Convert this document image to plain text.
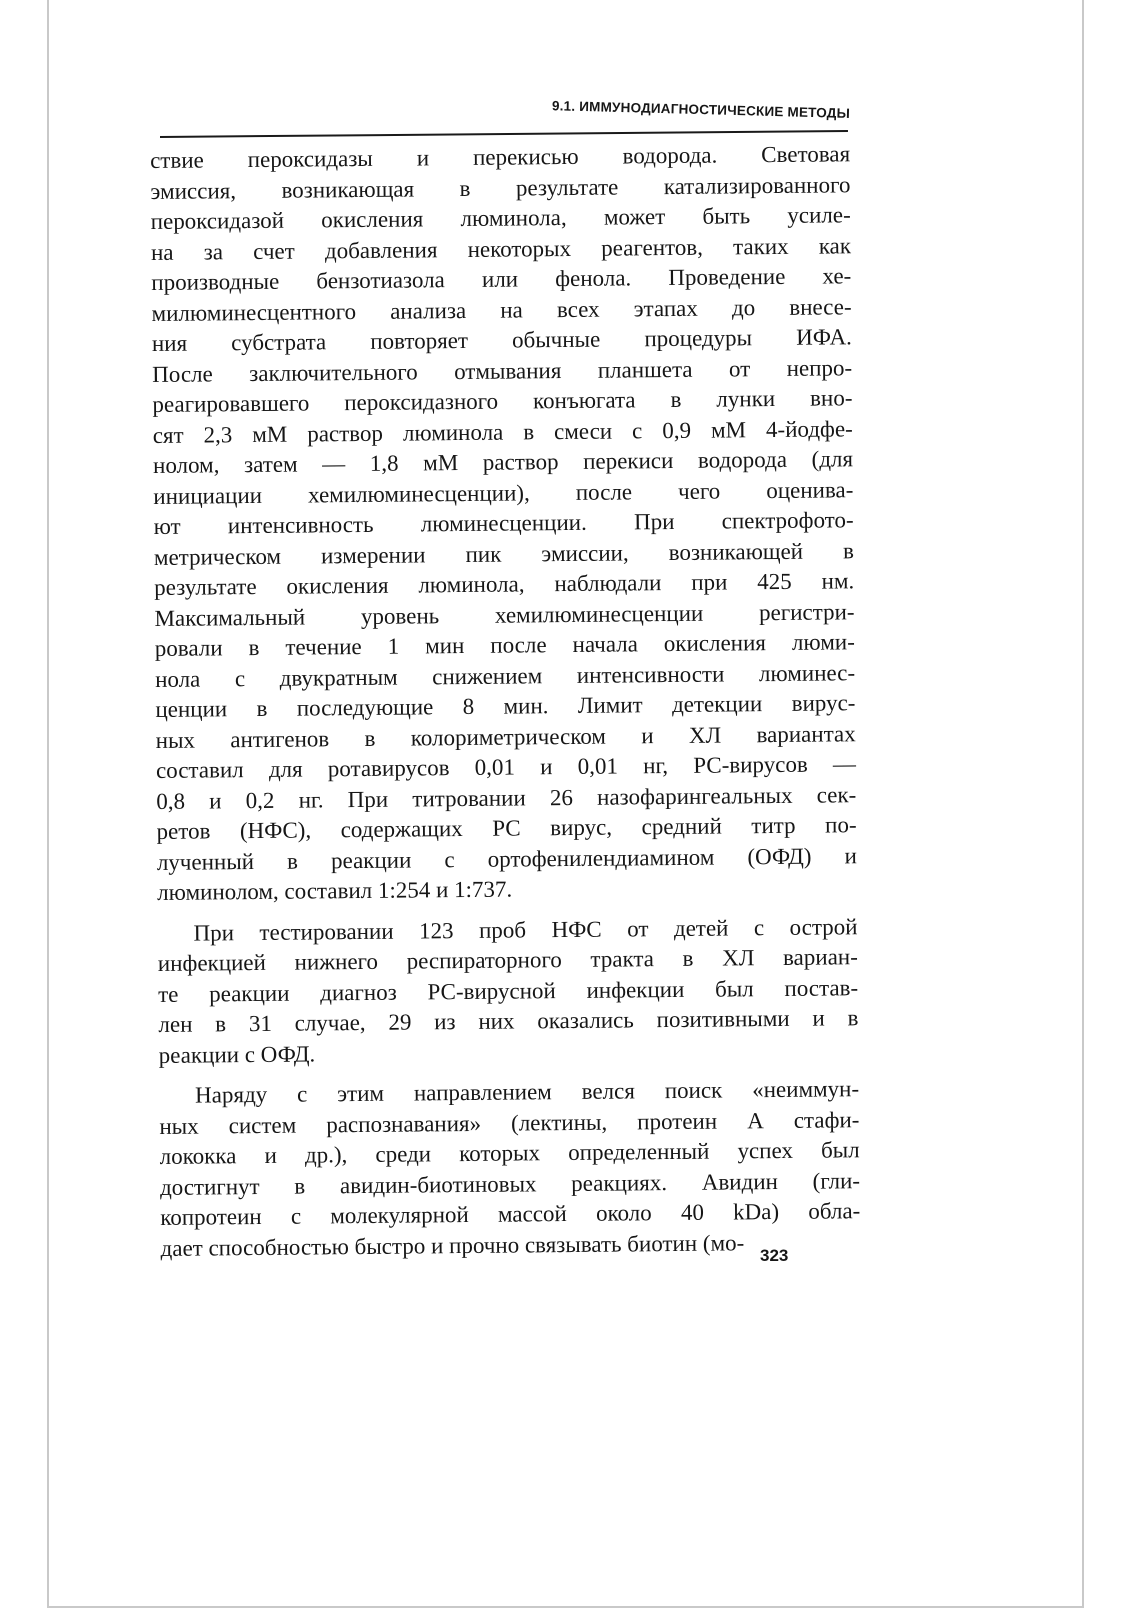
9.1. ИММУНОДИАГНОСТИЧЕСКИЕ МЕТОДЫ

ствие пероксидазы и перекисью водорода. Световая
эмиссия, возникающая в результате катализированного
пероксидазой окисления люминола, может быть усиле-
на за счет добавления некоторых реагентов, таких как
производные бензотиазола или фенола. Проведение хе-
милюминесцентного анализа на всех этапах до внесе-
ния субстрата повторяет обычные процедуры ИФА.
После заключительного отмывания планшета от непро-
реагировавшего пероксидазного конъюгата в лунки вно-
сят 2,3 мМ раствор люминола в смеси с 0,9 мМ 4-йодфе-
нолом, затем — 1,8 мМ раствор перекиси водорода (для
инициации хемилюминесценции), после чего оценива-
ют интенсивность люминесценции. При спектрофото-
метрическом измерении пик эмиссии, возникающей в
результате окисления люминола, наблюдали при 425 нм.
Максимальный уровень хемилюминесценции регистри-
ровали в течение 1 мин после начала окисления люми-
нола с двукратным снижением интенсивности люминес-
ценции в последующие 8 мин. Лимит детекции вирус-
ных антигенов в колориметрическом и ХЛ вариантах
составил для ротавирусов 0,01 и 0,01 нг, РС-вирусов —
0,8 и 0,2 нг. При титровании 26 назофарингеальных сек-
ретов (НФС), содержащих РС вирус, средний титр по-
лученный в реакции с ортофенилендиамином (ОФД) и
люминолом, составил 1:254 и 1:737.

При тестировании 123 проб НФС от детей с острой
инфекцией нижнего респираторного тракта в ХЛ вариан-
те реакции диагноз РС-вирусной инфекции был постав-
лен в 31 случае, 29 из них оказались позитивными и в
реакции с ОФД.

Наряду с этим направлением велся поиск «неиммун-
ных систем распознавания» (лектины, протеин А стафи-
лококка и др.), среди которых определенный успех был
достигнут в авидин-биотиновых реакциях. Авидин (гли-
копротеин с молекулярной массой около 40 kDa) обла-
дает способностью быстро и прочно связывать биотин (мо- 323
